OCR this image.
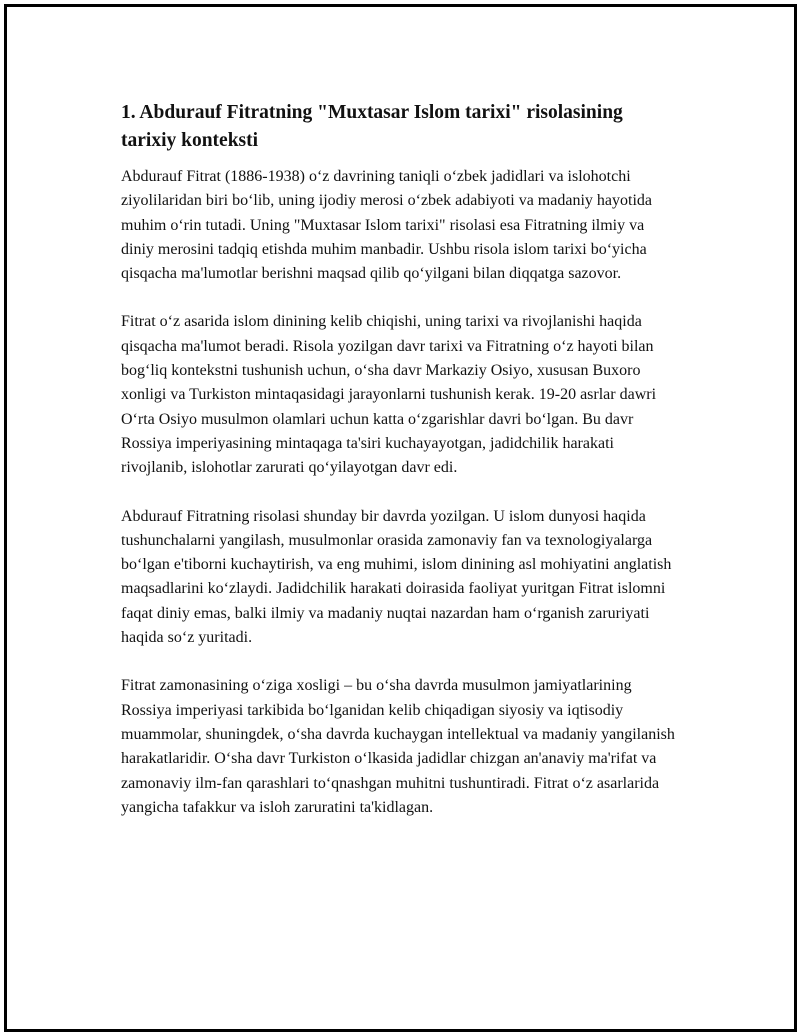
1. Abdurauf Fitratning "Muxtasar Islom tarixi" risolasining tarixiy konteksti

Abdurauf Fitrat (1886-1938) o‘z davrining taniqli o‘zbek jadidlari va islohotchi ziyolilaridan biri bo‘lib, uning ijodiy merosi o‘zbek adabiyoti va madaniy hayotida muhim o‘rin tutadi. Uning "Muxtasar Islom tarixi" risolasi esa Fitratning ilmiy va diniy merosini tadqiq etishda muhim manbadir. Ushbu risola islom tarixi bo‘yicha qisqacha ma'lumotlar berishni maqsad qilib qo‘yilgani bilan diqqatga sazovor.

Fitrat o‘z asarida islom dinining kelib chiqishi, uning tarixi va rivojlanishi haqida qisqacha ma'lumot beradi. Risola yozilgan davr tarixi va Fitratning o‘z hayoti bilan bog‘liq kontekstni tushunish uchun, o‘sha davr Markaziy Osiyo, xususan Buxoro xonligi va Turkiston mintaqasidagi jarayonlarni tushunish kerak. 19-20 asrlar dawri O‘rta Osiyo musulmon olamlari uchun katta o‘zgarishlar davri bo‘lgan. Bu davr Rossiya imperiyasining mintaqaga ta'siri kuchayayotgan, jadidchilik harakati rivojlanib, islohotlar zarurati qo‘yilayotgan davr edi.

Abdurauf Fitratning risolasi shunday bir davrda yozilgan. U islom dunyosi haqida tushunchalarni yangilash, musulmonlar orasida zamonaviy fan va texnologiyalarga bo‘lgan e'tiborni kuchaytirish, va eng muhimi, islom dinining asl mohiyatini anglatish maqsadlarini ko‘zlaydi. Jadidchilik harakati doirasida faoliyat yuritgan Fitrat islomni faqat diniy emas, balki ilmiy va madaniy nuqtai nazardan ham o‘rganish zaruriyati haqida so‘z yuritadi.

Fitrat zamonasining o‘ziga xosligi – bu o‘sha davrda musulmon jamiyatlarining Rossiya imperiyasi tarkibida bo‘lganidan kelib chiqadigan siyosiy va iqtisodiy muammolar, shuningdek, o‘sha davrda kuchaygan intellektual va madaniy yangilanish harakatlaridir. O‘sha davr Turkiston o‘lkasida jadidlar chizgan an'anaviy ma'rifat va zamonaviy ilm-fan qarashlari to‘qnashgan muhitni tushuntiradi. Fitrat o‘z asarlarida yangicha tafakkur va isloh zaruratini ta'kidlagan.
